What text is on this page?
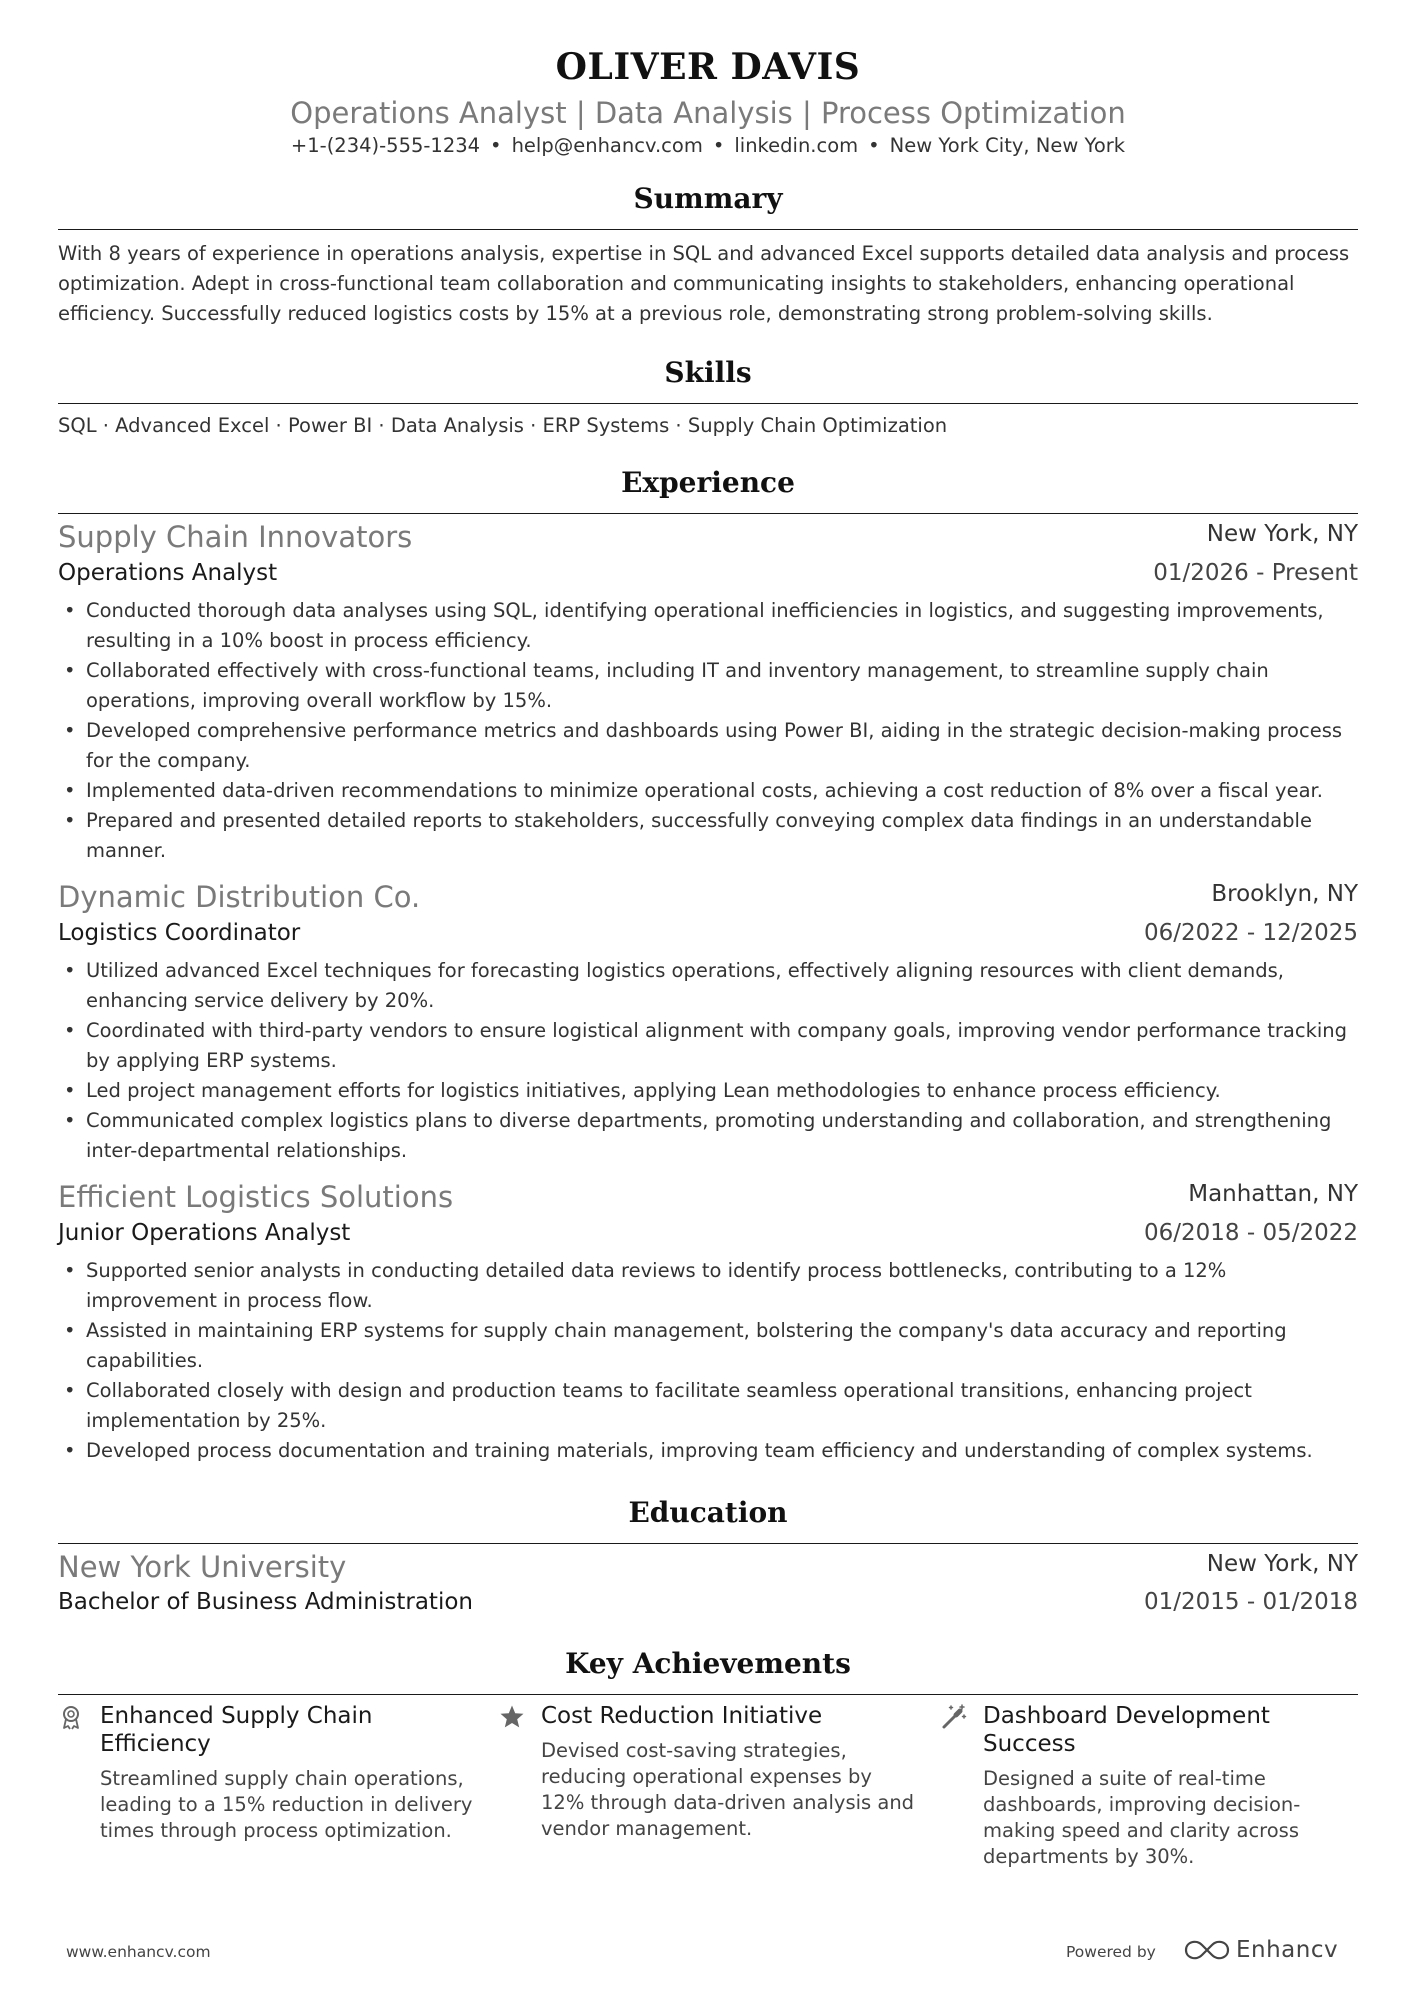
OLIVER DAVIS
Operations Analyst | Data Analysis | Process Optimization
+1-(234)-555-1234 • help@enhancv.com • linkedin.com • New York City, New York
Summary
With 8 years of experience in operations analysis, expertise in SQL and advanced Excel supports detailed data analysis and process optimization. Adept in cross-functional team collaboration and communicating insights to stakeholders, enhancing operational efficiency. Successfully reduced logistics costs by 15% at a previous role, demonstrating strong problem-solving skills.
Skills
SQL · Advanced Excel · Power BI · Data Analysis · ERP Systems · Supply Chain Optimization
Experience
Supply Chain Innovators	New York, NY
Operations Analyst	01/2026 - Present
• Conducted thorough data analyses using SQL, identifying operational inefficiencies in logistics, and suggesting improvements, resulting in a 10% boost in process efficiency.
• Collaborated effectively with cross-functional teams, including IT and inventory management, to streamline supply chain operations, improving overall workflow by 15%.
• Developed comprehensive performance metrics and dashboards using Power BI, aiding in the strategic decision-making process for the company.
• Implemented data-driven recommendations to minimize operational costs, achieving a cost reduction of 8% over a fiscal year.
• Prepared and presented detailed reports to stakeholders, successfully conveying complex data findings in an understandable manner.
Dynamic Distribution Co.	Brooklyn, NY
Logistics Coordinator	06/2022 - 12/2025
• Utilized advanced Excel techniques for forecasting logistics operations, effectively aligning resources with client demands, enhancing service delivery by 20%.
• Coordinated with third-party vendors to ensure logistical alignment with company goals, improving vendor performance tracking by applying ERP systems.
• Led project management efforts for logistics initiatives, applying Lean methodologies to enhance process efficiency.
• Communicated complex logistics plans to diverse departments, promoting understanding and collaboration, and strengthening inter-departmental relationships.
Efficient Logistics Solutions	Manhattan, NY
Junior Operations Analyst	06/2018 - 05/2022
• Supported senior analysts in conducting detailed data reviews to identify process bottlenecks, contributing to a 12% improvement in process flow.
• Assisted in maintaining ERP systems for supply chain management, bolstering the company's data accuracy and reporting capabilities.
• Collaborated closely with design and production teams to facilitate seamless operational transitions, enhancing project implementation by 25%.
• Developed process documentation and training materials, improving team efficiency and understanding of complex systems.
Education
New York University	New York, NY
Bachelor of Business Administration	01/2015 - 01/2018
Key Achievements
Enhanced Supply Chain Efficiency
Streamlined supply chain operations, leading to a 15% reduction in delivery times through process optimization.
Cost Reduction Initiative
Devised cost-saving strategies, reducing operational expenses by 12% through data-driven analysis and vendor management.
Dashboard Development Success
Designed a suite of real-time dashboards, improving decision-making speed and clarity across departments by 30%.
www.enhancv.com	Powered by	Enhancv
